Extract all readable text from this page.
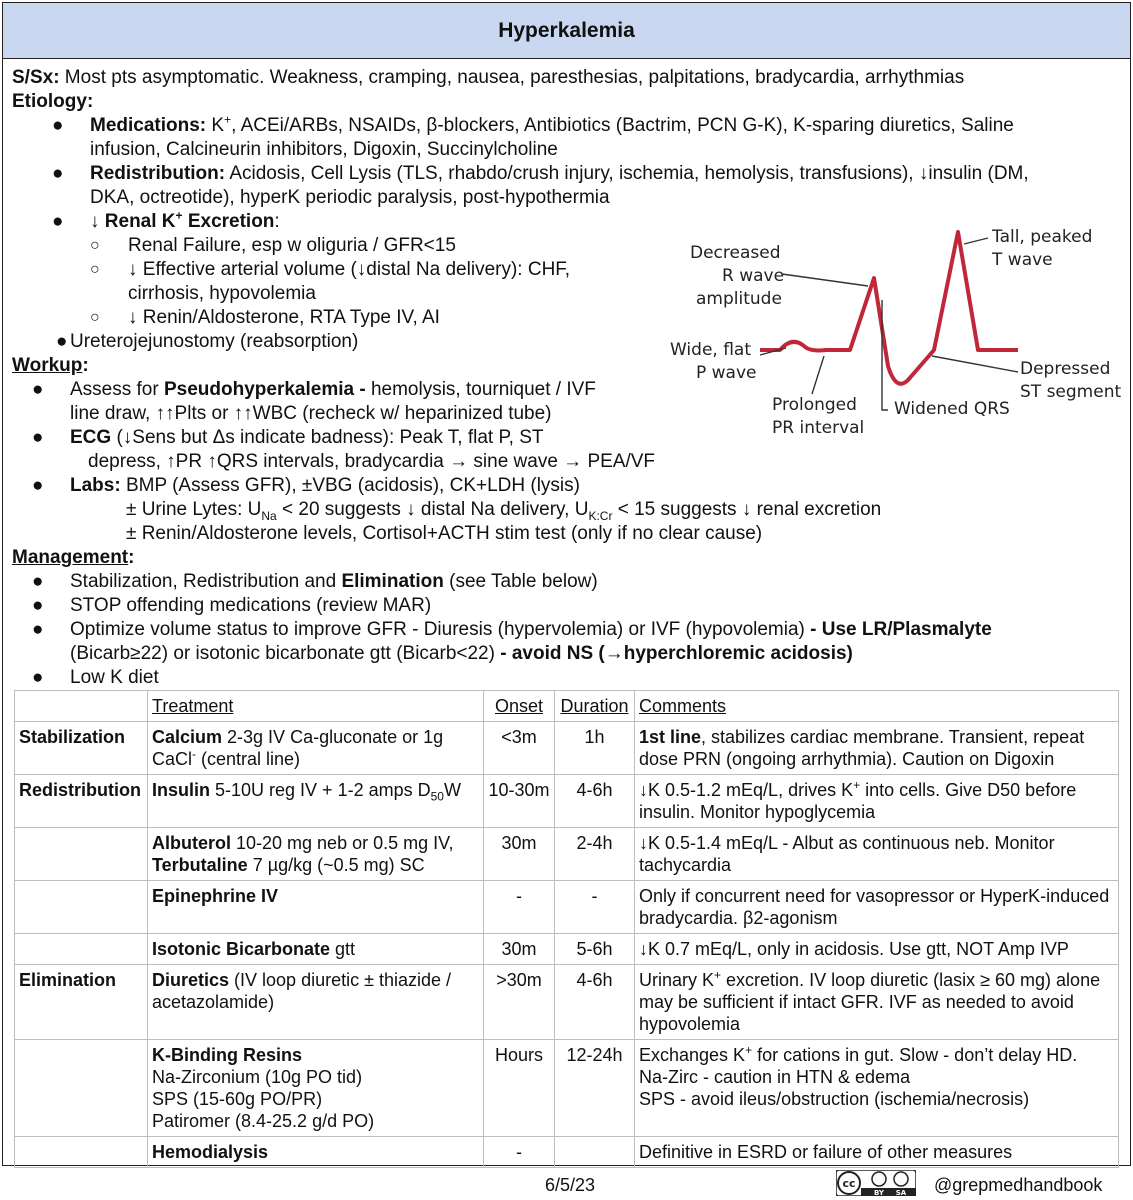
Hyperkalemia
S/Sx: Most pts asymptomatic. Weakness, cramping, nausea, paresthesias, palpitations, bradycardia, arrhythmias
Etiology:
● Medications: K+, ACEi/ARBs, NSAIDs, β-blockers, Antibiotics (Bactrim, PCN G-K), K-sparing diuretics, Saline
infusion, Calcineurin inhibitors, Digoxin, Succinylcholine
● Redistribution: Acidosis, Cell Lysis (TLS, rhabdo/crush injury, ischemia, hemolysis, transfusions), ↓insulin (DM,
DKA, octreotide), hyperK periodic paralysis, post-hypothermia
● ↓ Renal K+ Excretion:
○ Renal Failure, esp w oliguria / GFR<15
○ ↓ Effective arterial volume (↓distal Na delivery): CHF,
cirrhosis, hypovolemia
○ ↓ Renin/Aldosterone, RTA Type IV, AI
● Ureterojejunostomy (reabsorption)
Workup:
● Assess for Pseudohyperkalemia - hemolysis, tourniquet / IVF
line draw, ↑↑Plts or ↑↑WBC (recheck w/ heparinized tube)
● ECG (↓Sens but Δs indicate badness): Peak T, flat P, ST
depress, ↑PR ↑QRS intervals, bradycardia → sine wave → PEA/VF
● Labs: BMP (Assess GFR), ±VBG (acidosis), CK+LDH (lysis)
± Urine Lytes: $U_{Na} < 20$ suggests ↓ distal Na delivery, $U_{K:Cr} < 15$ suggests ↓ renal excretion
± Renin/Aldosterone levels, Cortisol+ACTH stim test (only if no clear cause)
Management:
● Stabilization, Redistribution and Elimination (see Table below)
● STOP offending medications (review MAR)
● Optimize volume status to improve GFR - Diuresis (hypervolemia) or IVF (hypovolemia) - Use LR/Plasmalyte
(Bicarb≥22) or isotonic bicarbonate gtt (Bicarb<22) - avoid NS (→hyperchloremic acidosis)
● Low K diet
Decreased
R wave
amplitude
Tall, peaked
T wave
Wide, flat
P wave	Depressed
ST segment
Prolonged
PR interval
Widened QRS
	Treatment	Onset	Duration	Comments
Stabilization	Calcium 2-3g IV Ca-gluconate or 1g
CaCl- (central line)	<3m	1h	1st line, stabilizes cardiac membrane. Transient, repeat dose PRN (ongoing arrhythmia). Caution on Digoxin
Redistribution	Insulin 5-10U reg IV + 1-2 amps $D_{50}W$	10-30m	4-6h	↓K 0.5-1.2 mEq/L, drives K+ into cells. Give D50 before insulin. Monitor hypoglycemia
	Albuterol 10-20 mg neb or 0.5 mg IV,
Terbutaline 7 µg/kg (~0.5 mg) SC	30m	2-4h	↓K 0.5-1.4 mEq/L - Albut as continuous neb. Monitor tachycardia
	Epinephrine IV	-	-	Only if concurrent need for vasopressor or HyperK-induced bradycardia. β2-agonism
	Isotonic Bicarbonate gtt	30m	5-6h	↓K 0.7 mEq/L, only in acidosis. Use gtt, NOT Amp IVP
Elimination	Diuretics (IV loop diuretic ± thiazide / acetazolamide)	>30m	4-6h	Urinary K+ excretion. IV loop diuretic (lasix ≥ 60 mg) alone may be sufficient if intact GFR. IVF as needed to avoid hypovolemia
	K-Binding Resins
Na-Zirconium (10g PO tid)
SPS (15-60g PO/PR)
Patiromer (8.4-25.2 g/d PO)	Hours	12-24h	Exchanges K+ for cations in gut. Slow - don’t delay HD.
Na-Zirc - caution in HTN & edema
SPS - avoid ileus/obstruction (ischemia/necrosis)
	Hemodialysis	-		Definitive in ESRD or failure of other measures
6/5/23	cc
BY SA @grepmedhandbook
